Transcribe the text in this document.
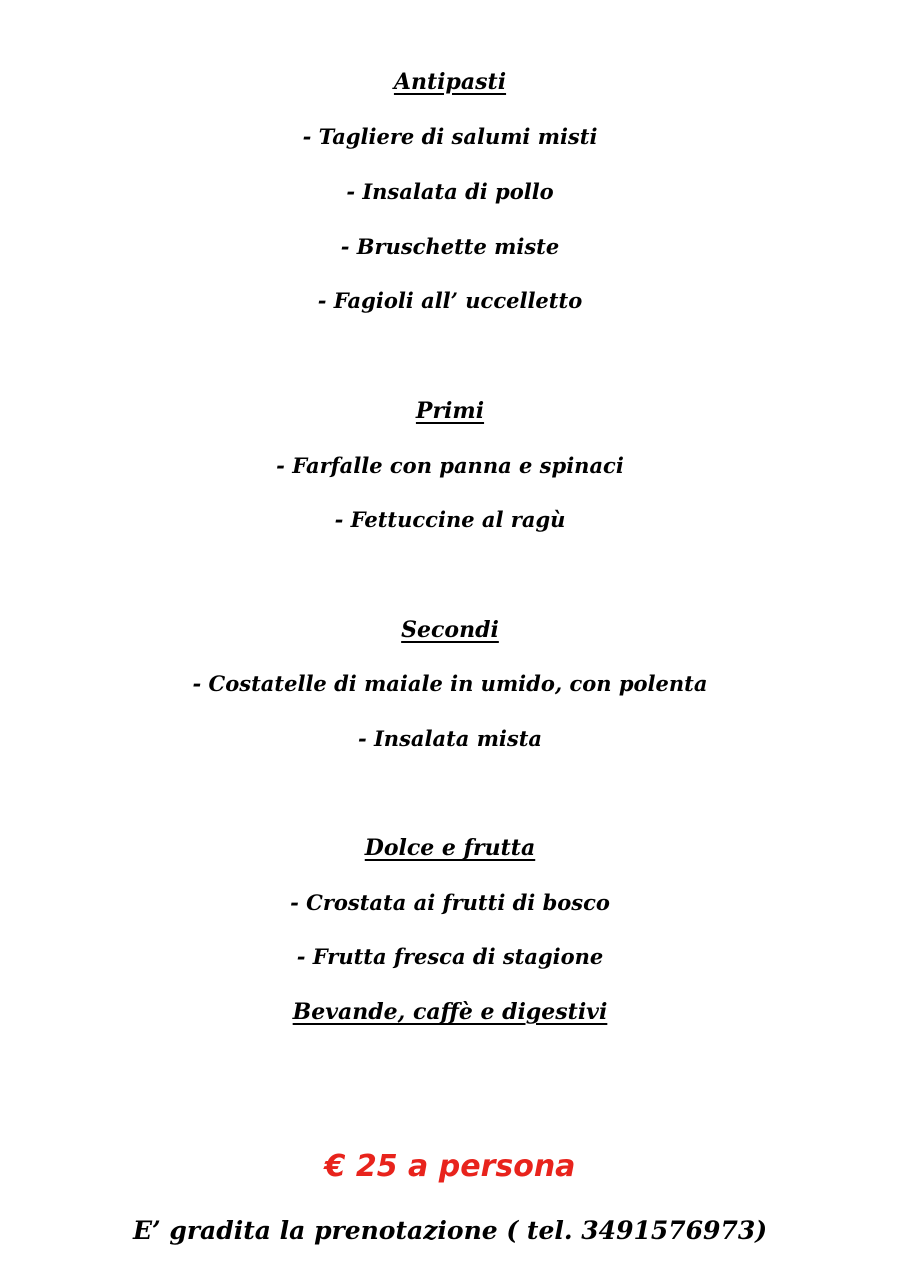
Antipasti
- Tagliere di salumi misti
- Insalata di pollo
- Bruschette miste
- Fagioli all’ uccelletto
Primi
- Farfalle con panna e spinaci
- Fettuccine al ragù
Secondi
- Costatelle di maiale in umido, con polenta
- Insalata mista
Dolce e frutta
- Crostata ai frutti di bosco
- Frutta fresca di stagione
Bevande, caffè e digestivi
€ 25 a persona
E’ gradita la prenotazione ( tel. 3491576973)
